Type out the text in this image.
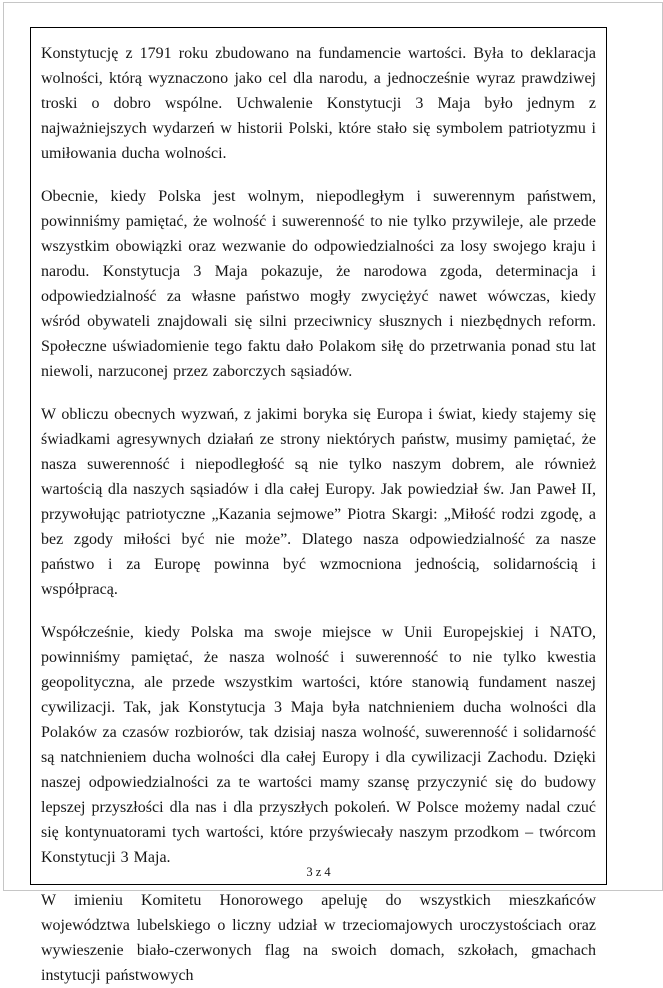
Konstytucję z 1791 roku zbudowano na fundamencie wartości. Była to deklaracja wolności, którą wyznaczono jako cel dla narodu, a jednocześnie wyraz prawdziwej troski o dobro wspólne. Uchwalenie Konstytucji 3 Maja było jednym z najważniejszych wydarzeń w historii Polski, które stało się symbolem patriotyzmu i umiłowania ducha wolności.

Obecnie, kiedy Polska jest wolnym, niepodległym i suwerennym państwem, powinniśmy pamiętać, że wolność i suwerenność to nie tylko przywileje, ale przede wszystkim obowiązki oraz wezwanie do odpowiedzialności za losy swojego kraju i narodu. Konstytucja 3 Maja pokazuje, że narodowa zgoda, determinacja i odpowiedzialność za własne państwo mogły zwyciężyć nawet wówczas, kiedy wśród obywateli znajdowali się silni przeciwnicy słusznych i niezbędnych reform. Społeczne uświadomienie tego faktu dało Polakom siłę do przetrwania ponad stu lat niewoli, narzuconej przez zaborczych sąsiadów.

W obliczu obecnych wyzwań, z jakimi boryka się Europa i świat, kiedy stajemy się świadkami agresywnych działań ze strony niektórych państw, musimy pamiętać, że nasza suwerenność i niepodległość są nie tylko naszym dobrem, ale również wartością dla naszych sąsiadów i dla całej Europy. Jak powiedział św. Jan Paweł II, przywołując patriotyczne „Kazania sejmowe” Piotra Skargi: „Miłość rodzi zgodę, a bez zgody miłości być nie może”. Dlatego nasza odpowiedzialność za nasze państwo i za Europę powinna być wzmocniona jednością, solidarnością i współpracą.

Współcześnie, kiedy Polska ma swoje miejsce w Unii Europejskiej i NATO, powinniśmy pamiętać, że nasza wolność i suwerenność to nie tylko kwestia geopolityczna, ale przede wszystkim wartości, które stanowią fundament naszej cywilizacji. Tak, jak Konstytucja 3 Maja była natchnieniem ducha wolności dla Polaków za czasów rozbiorów, tak dzisiaj nasza wolność, suwerenność i solidarność są natchnieniem ducha wolności dla całej Europy i dla cywilizacji Zachodu. Dzięki naszej odpowiedzialności za te wartości mamy szansę przyczynić się do budowy lepszej przyszłości dla nas i dla przyszłych pokoleń. W Polsce możemy nadal czuć się kontynuatorami tych wartości, które przyświecały naszym przodkom – twórcom Konstytucji 3 Maja.

W imieniu Komitetu Honorowego apeluję do wszystkich mieszkańców województwa lubelskiego o liczny udział w trzeciomajowych uroczystościach oraz wywieszenie biało-czerwonych flag na swoich domach, szkołach, gmachach instytucji państwowych

3 z 4
